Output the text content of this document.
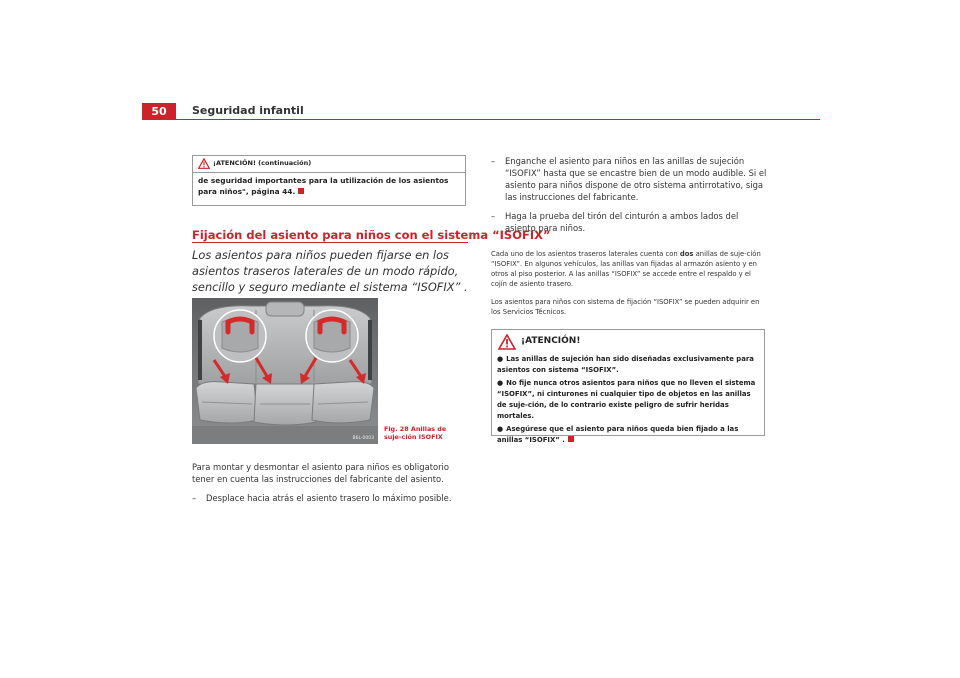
50	Seguridad infantil
¡ATENCIÓN! (continuación)
de seguridad importantes para la utilización de los asientos para niños", página 44.
Fijación del asiento para niños con el sistema “ISOFIX”
Los asientos para niños pueden fijarse en los asientos traseros laterales de un modo rápido, sencillo y seguro mediante el sistema “ISOFIX” .
B6L-0003
Fig. 28 Anillas de suje-ción ISOFIX
Para montar y desmontar el asiento para niños es obligatorio tener en cuenta las instrucciones del fabricante del asiento.
–	Desplace hacia atrás el asiento trasero lo máximo posible.
–	Enganche el asiento para niños en las anillas de sujeción “ISOFIX” hasta que se encastre bien de un modo audible. Si el asiento para niños dispone de otro sistema antirrotativo, siga las instrucciones del fabricante.
–	Haga la prueba del tirón del cinturón a ambos lados del asiento para niños.
Cada uno de los asientos traseros laterales cuenta con dos anillas de suje-ción “ISOFIX”. En algunos vehículos, las anillas van fijadas al armazón asiento y en otros al piso posterior. A las anillas “ISOFIX” se accede entre el respaldo y el cojín de asiento trasero.
Los asientos para niños con sistema de fijación “ISOFIX” se pueden adquirir en los Servicios Técnicos.
¡ATENCIÓN!
● Las anillas de sujeción han sido diseñadas exclusivamente para asientos con sistema “ISOFIX”.
● No fije nunca otros asientos para niños que no lleven el sistema “ISOFIX”, ni cinturones ni cualquier tipo de objetos en las anillas de suje-ción, de lo contrario existe peligro de sufrir heridas mortales.
● Asegúrese que el asiento para niños queda bien fijado a las anillas “ISOFIX” .
